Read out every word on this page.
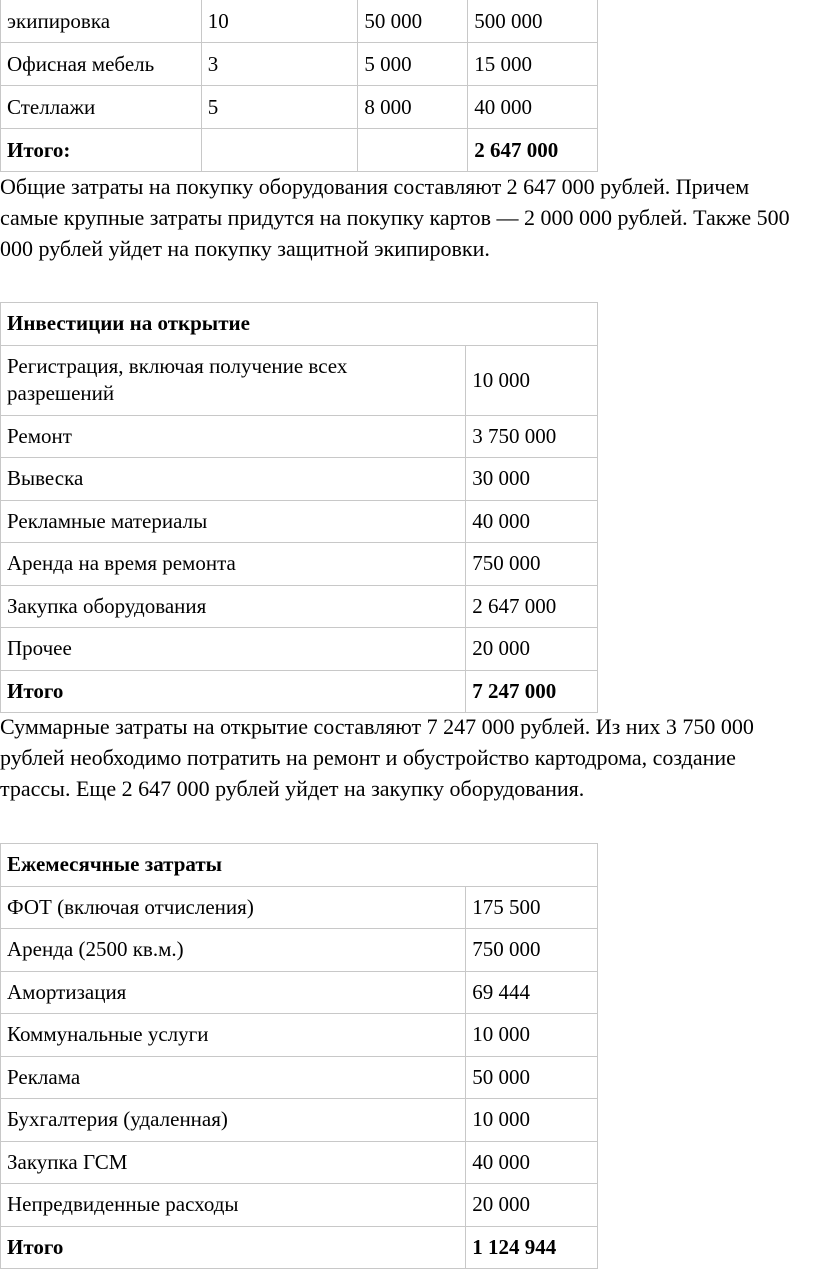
экипировка	10	50 000	500 000
Офисная мебель	3	5 000	15 000
Стеллажи	5	8 000	40 000
Итого:			2 647 000

Общие затраты на покупку оборудования составляют 2 647 000 рублей. Причем самые крупные затраты придутся на покупку картов — 2 000 000 рублей. Также 500 000 рублей уйдет на покупку защитной экипировки.

Инвестиции на открытие	
Регистрация, включая получение всех разрешений	10 000
Ремонт	3 750 000
Вывеска	30 000
Рекламные материалы	40 000
Аренда на время ремонта	750 000
Закупка оборудования	2 647 000
Прочее	20 000
Итого	7 247 000

Суммарные затраты на открытие составляют 7 247 000 рублей. Из них 3 750 000 рублей необходимо потратить на ремонт и обустройство картодрома, создание трассы. Еще 2 647 000 рублей уйдет на закупку оборудования.

Ежемесячные затраты	
ФОТ (включая отчисления)	175 500
Аренда (2500 кв.м.)	750 000
Амортизация	69 444
Коммунальные услуги	10 000
Реклама	50 000
Бухгалтерия (удаленная)	10 000
Закупка ГСМ	40 000
Непредвиденные расходы	20 000
Итого	1 124 944
